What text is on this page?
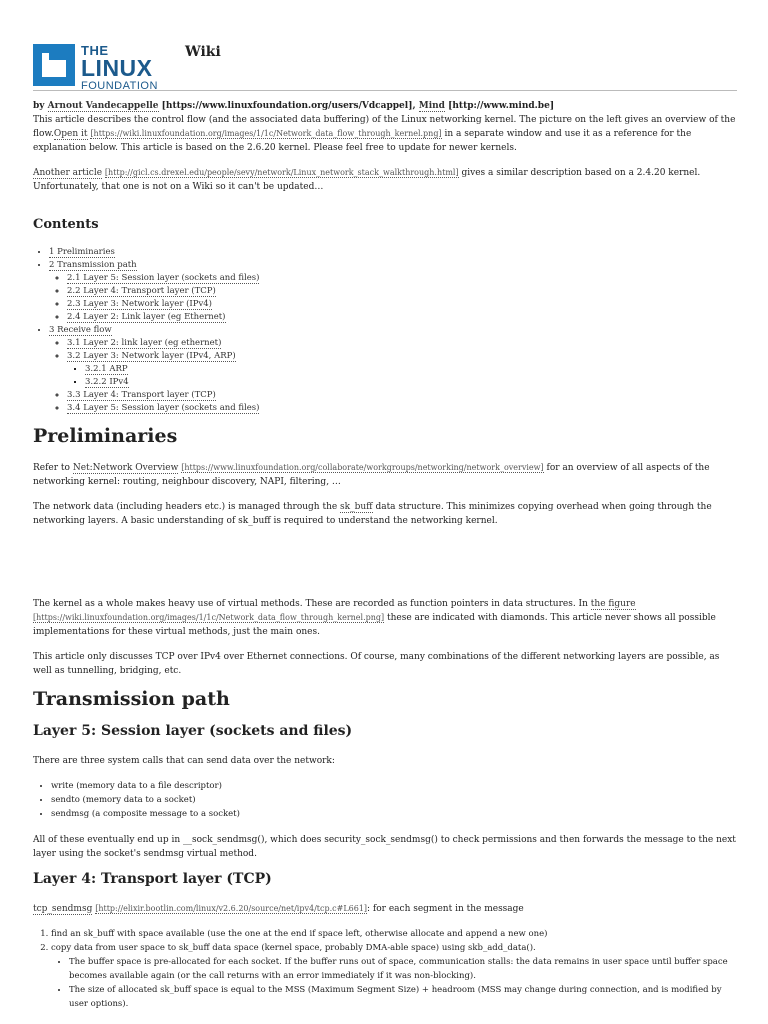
THE
LINUX
FOUNDATION
Wiki
by Arnout Vandecappelle [https://www.linuxfoundation.org/users/Vdcappel], Mind [http://www.mind.be]

This article describes the control flow (and the associated data buffering) of the Linux networking kernel. The picture on the left gives an overview of the flow.Open it [https://wiki.linuxfoundation.org/images/1/1c/Network_data_flow_through_kernel.png] in a separate window and use it as a reference for the explanation below. This article is based on the 2.6.20 kernel. Please feel free to update for newer kernels.

Another article [http://gicl.cs.drexel.edu/people/sevy/network/Linux_network_stack_walkthrough.html] gives a similar description based on a 2.4.20 kernel. Unfortunately, that one is not on a Wiki so it can't be updated…

Contents
• 1 Preliminaries
• 2 Transmission path
◦ 2.1 Layer 5: Session layer (sockets and files)
◦ 2.2 Layer 4: Transport layer (TCP)
◦ 2.3 Layer 3: Network layer (IPv4)
◦ 2.4 Layer 2: Link layer (eg Ethernet)
• 3 Receive flow
◦ 3.1 Layer 2: link layer (eg ethernet)
◦ 3.2 Layer 3: Network layer (IPv4, ARP)
▪ 3.2.1 ARP
▪ 3.2.2 IPv4
◦ 3.3 Layer 4: Transport layer (TCP)
◦ 3.4 Layer 5: Session layer (sockets and files)
Preliminaries

Refer to Net:Network Overview [https://www.linuxfoundation.org/collaborate/workgroups/networking/network_overview] for an overview of all aspects of the networking kernel: routing, neighbour discovery, NAPI, filtering, …

The network data (including headers etc.) is managed through the sk_buff data structure. This minimizes copying overhead when going through the networking layers. A basic understanding of sk_buff is required to understand the networking kernel.

The kernel as a whole makes heavy use of virtual methods. These are recorded as function pointers in data structures. In the figure [https://wiki.linuxfoundation.org/images/1/1c/Network_data_flow_through_kernel.png] these are indicated with diamonds. This article never shows all possible implementations for these virtual methods, just the main ones.

This article only discusses TCP over IPv4 over Ethernet connections. Of course, many combinations of the different networking layers are possible, as well as tunnelling, bridging, etc.

Transmission path
Layer 5: Session layer (sockets and files)

There are three system calls that can send data over the network:

• write (memory data to a file descriptor)
• sendto (memory data to a socket)
• sendmsg (a composite message to a socket)

All of these eventually end up in __sock_sendmsg(), which does security_sock_sendmsg() to check permissions and then forwards the message to the next layer using the socket's sendmsg virtual method.

Layer 4: Transport layer (TCP)

tcp_sendmsg [http://elixir.bootlin.com/linux/v2.6.20/source/net/ipv4/tcp.c#L661]: for each segment in the message

1. find an sk_buff with space available (use the one at the end if space left, otherwise allocate and append a new one)
2. copy data from user space to sk_buff data space (kernel space, probably DMA-able space) using skb_add_data().
• The buffer space is pre-allocated for each socket. If the buffer runs out of space, communication stalls: the data remains in user space until buffer space becomes available again (or the call returns with an error immediately if it was non-blocking).
• The size of allocated sk_buff space is equal to the MSS (Maximum Segment Size) + headroom (MSS may change during connection, and is modified by user options).
